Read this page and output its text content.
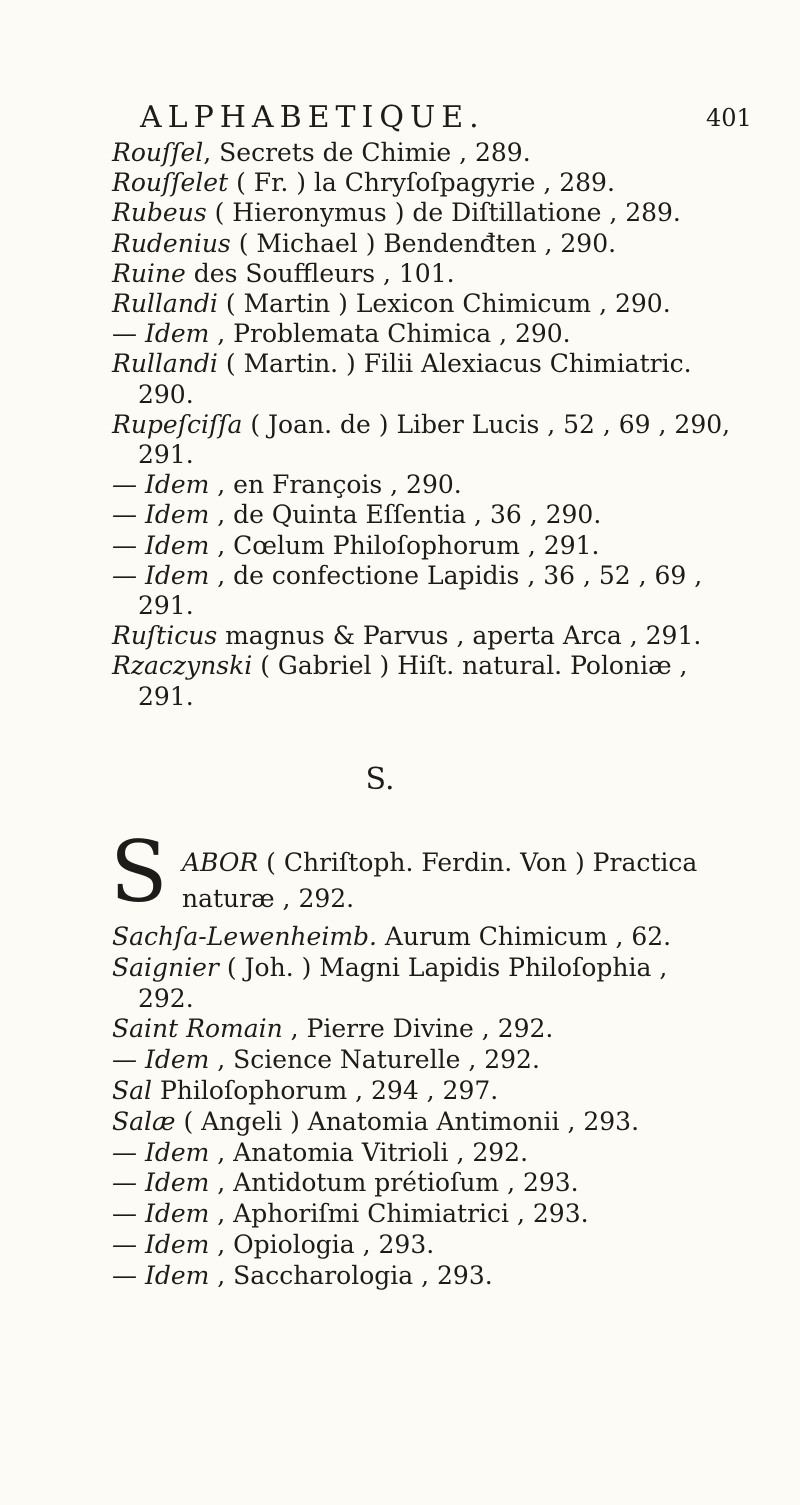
ALPHABETIQUE.	401
Rouſſel, Secrets de Chimie , 289.
Rouſſelet ( Fr. ) la Chryſoſpagyrie , 289.
Rubeus ( Hieronymus ) de Diſtillatione , 289.
Rudenius ( Michael ) Bendenđten , 290.
Ruine des Souffleurs , 101.
Rullandi ( Martin ) Lexicon Chimicum , 290.
— Idem , Problemata Chimica , 290.
Rullandi ( Martin. ) Filii Alexiacus Chimiatric.
290.
Rupeſciſſa ( Joan. de ) Liber Lucis , 52 , 69 , 290,
291.
— Idem , en François , 290.
— Idem , de Quinta Eſſentia , 36 , 290.
— Idem , Cœlum Philoſophorum , 291.
— Idem , de confectione Lapidis , 36 , 52 , 69 ,
291.
Ruſticus magnus & Parvus , aperta Arca , 291.
Rzaczynski ( Gabriel ) Hiſt. natural. Poloniæ ,
291.
S.
S ABOR ( Chriſtoph. Ferdin. Von ) Practica
naturæ , 292.
Sachſa-Lewenheimb. Aurum Chimicum , 62.
Saignier ( Joh. ) Magni Lapidis Philoſophia ,
292.
Saint Romain , Pierre Divine , 292.
— Idem , Science Naturelle , 292.
Sal Philoſophorum , 294 , 297.
Salæ ( Angeli ) Anatomia Antimonii , 293.
— Idem , Anatomia Vitrioli , 292.
— Idem , Antidotum prétioſum , 293.
— Idem , Aphoriſmi Chimiatrici , 293.
— Idem , Opiologia , 293.
— Idem , Saccharologia , 293.
